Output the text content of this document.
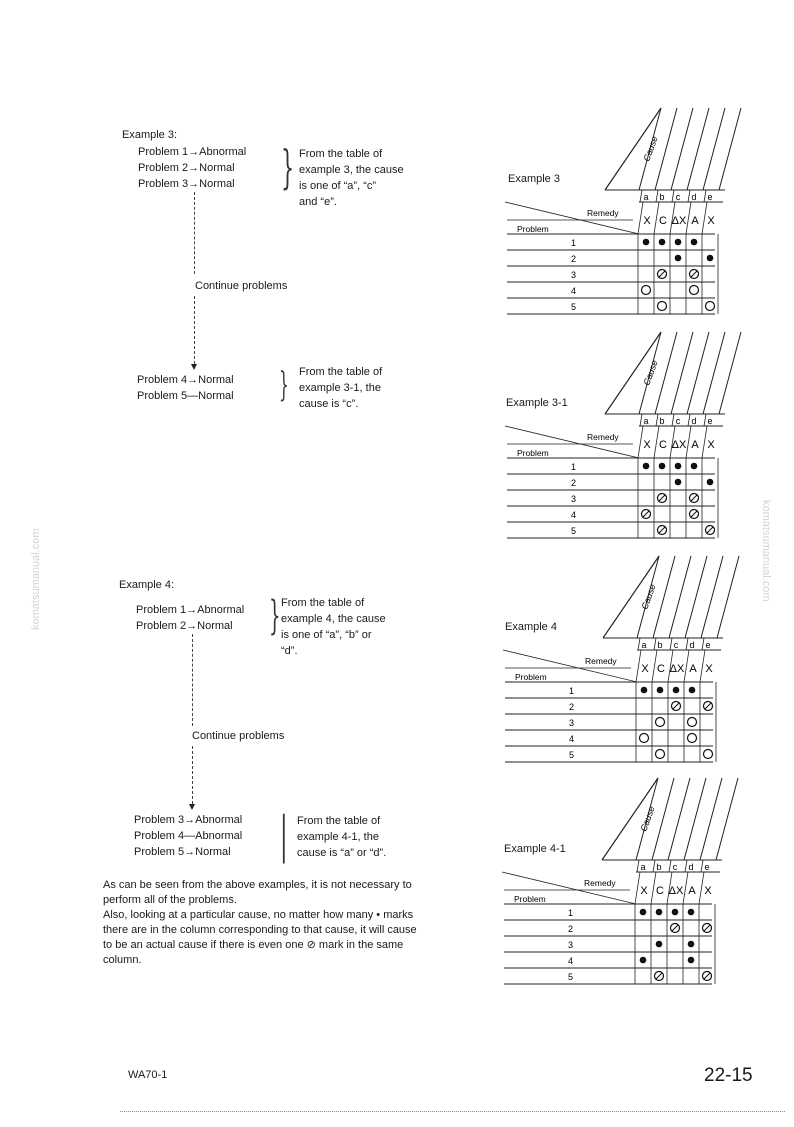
komatsumanual.com	komatsumanual.com
Example 3:
Problem 1→Abnormal
Problem 2→Normal
Problem 3→Normal } From the table of
example 3, the cause
is one of “a”, “c”
and “e”.
Continue problems
Problem 4→Normal
Problem 5—Normal } From the table of
example 3-1, the
cause is “c”.
Example 4:
Problem 1→Abnormal
Problem 2→Normal } From the table of
example 4, the cause
is one of “a”, “b” or
“d”.
Continue problems
Problem 3→Abnormal
Problem 4—Abnormal
Problem 5→Normal | From the table of
example 4-1, the
cause is “a” or “d”.
As can be seen from the above examples, it is not necessary to perform all of the problems.
Also, looking at a particular cause, no matter how many • marks there are in the column corresponding to that cause, it will cause to be an actual cause if there is even one ⊘ mark in the same column.
Example 3
Cause
a b c d e
Remedy
Problem
X C ΔX A X
1
2
3
4
5
Example 3-1
Cause
a b c d e
Remedy
Problem
X C ΔX A X
1
2
3
4
5
Example 4
Cause
a b c d e
Remedy
Problem
X C ΔX A X
1
2
3
4
5
Example 4-1
Cause
a b c d e
Remedy
Problem
X C ΔX A X
1
2
3
4
5
WA70-1	22-15
